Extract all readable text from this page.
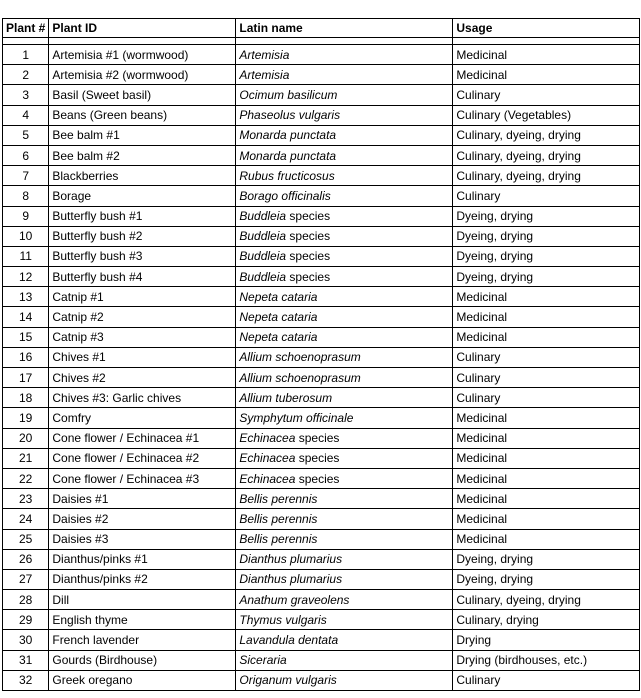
Plant #	Plant ID	Latin name	Usage

1	Artemisia #1 (wormwood)	Artemisia	Medicinal
2	Artemisia #2 (wormwood)	Artemisia	Medicinal
3	Basil (Sweet basil)	Ocimum basilicum	Culinary
4	Beans (Green beans)	Phaseolus vulgaris	Culinary (Vegetables)
5	Bee balm #1	Monarda punctata	Culinary, dyeing, drying
6	Bee balm #2	Monarda punctata	Culinary, dyeing, drying
7	Blackberries	Rubus fructicosus	Culinary, dyeing, drying
8	Borage	Borago officinalis	Culinary
9	Butterfly bush #1	Buddleia species	Dyeing, drying
10	Butterfly bush #2	Buddleia species	Dyeing, drying
11	Butterfly bush #3	Buddleia species	Dyeing, drying
12	Butterfly bush #4	Buddleia species	Dyeing, drying
13	Catnip #1	Nepeta cataria	Medicinal
14	Catnip #2	Nepeta cataria	Medicinal
15	Catnip #3	Nepeta cataria	Medicinal
16	Chives #1	Allium schoenoprasum	Culinary
17	Chives #2	Allium schoenoprasum	Culinary
18	Chives #3: Garlic chives	Allium tuberosum	Culinary
19	Comfry	Symphytum officinale	Medicinal
20	Cone flower / Echinacea #1	Echinacea species	Medicinal
21	Cone flower / Echinacea #2	Echinacea species	Medicinal
22	Cone flower / Echinacea #3	Echinacea species	Medicinal
23	Daisies #1	Bellis perennis	Medicinal
24	Daisies #2	Bellis perennis	Medicinal
25	Daisies #3	Bellis perennis	Medicinal
26	Dianthus/pinks #1	Dianthus plumarius	Dyeing, drying
27	Dianthus/pinks #2	Dianthus plumarius	Dyeing, drying
28	Dill	Anathum graveolens	Culinary, dyeing, drying
29	English thyme	Thymus vulgaris	Culinary, drying
30	French lavender	Lavandula dentata	Drying
31	Gourds (Birdhouse)	Siceraria	Drying (birdhouses, etc.)
32	Greek oregano	Origanum vulgaris	Culinary
